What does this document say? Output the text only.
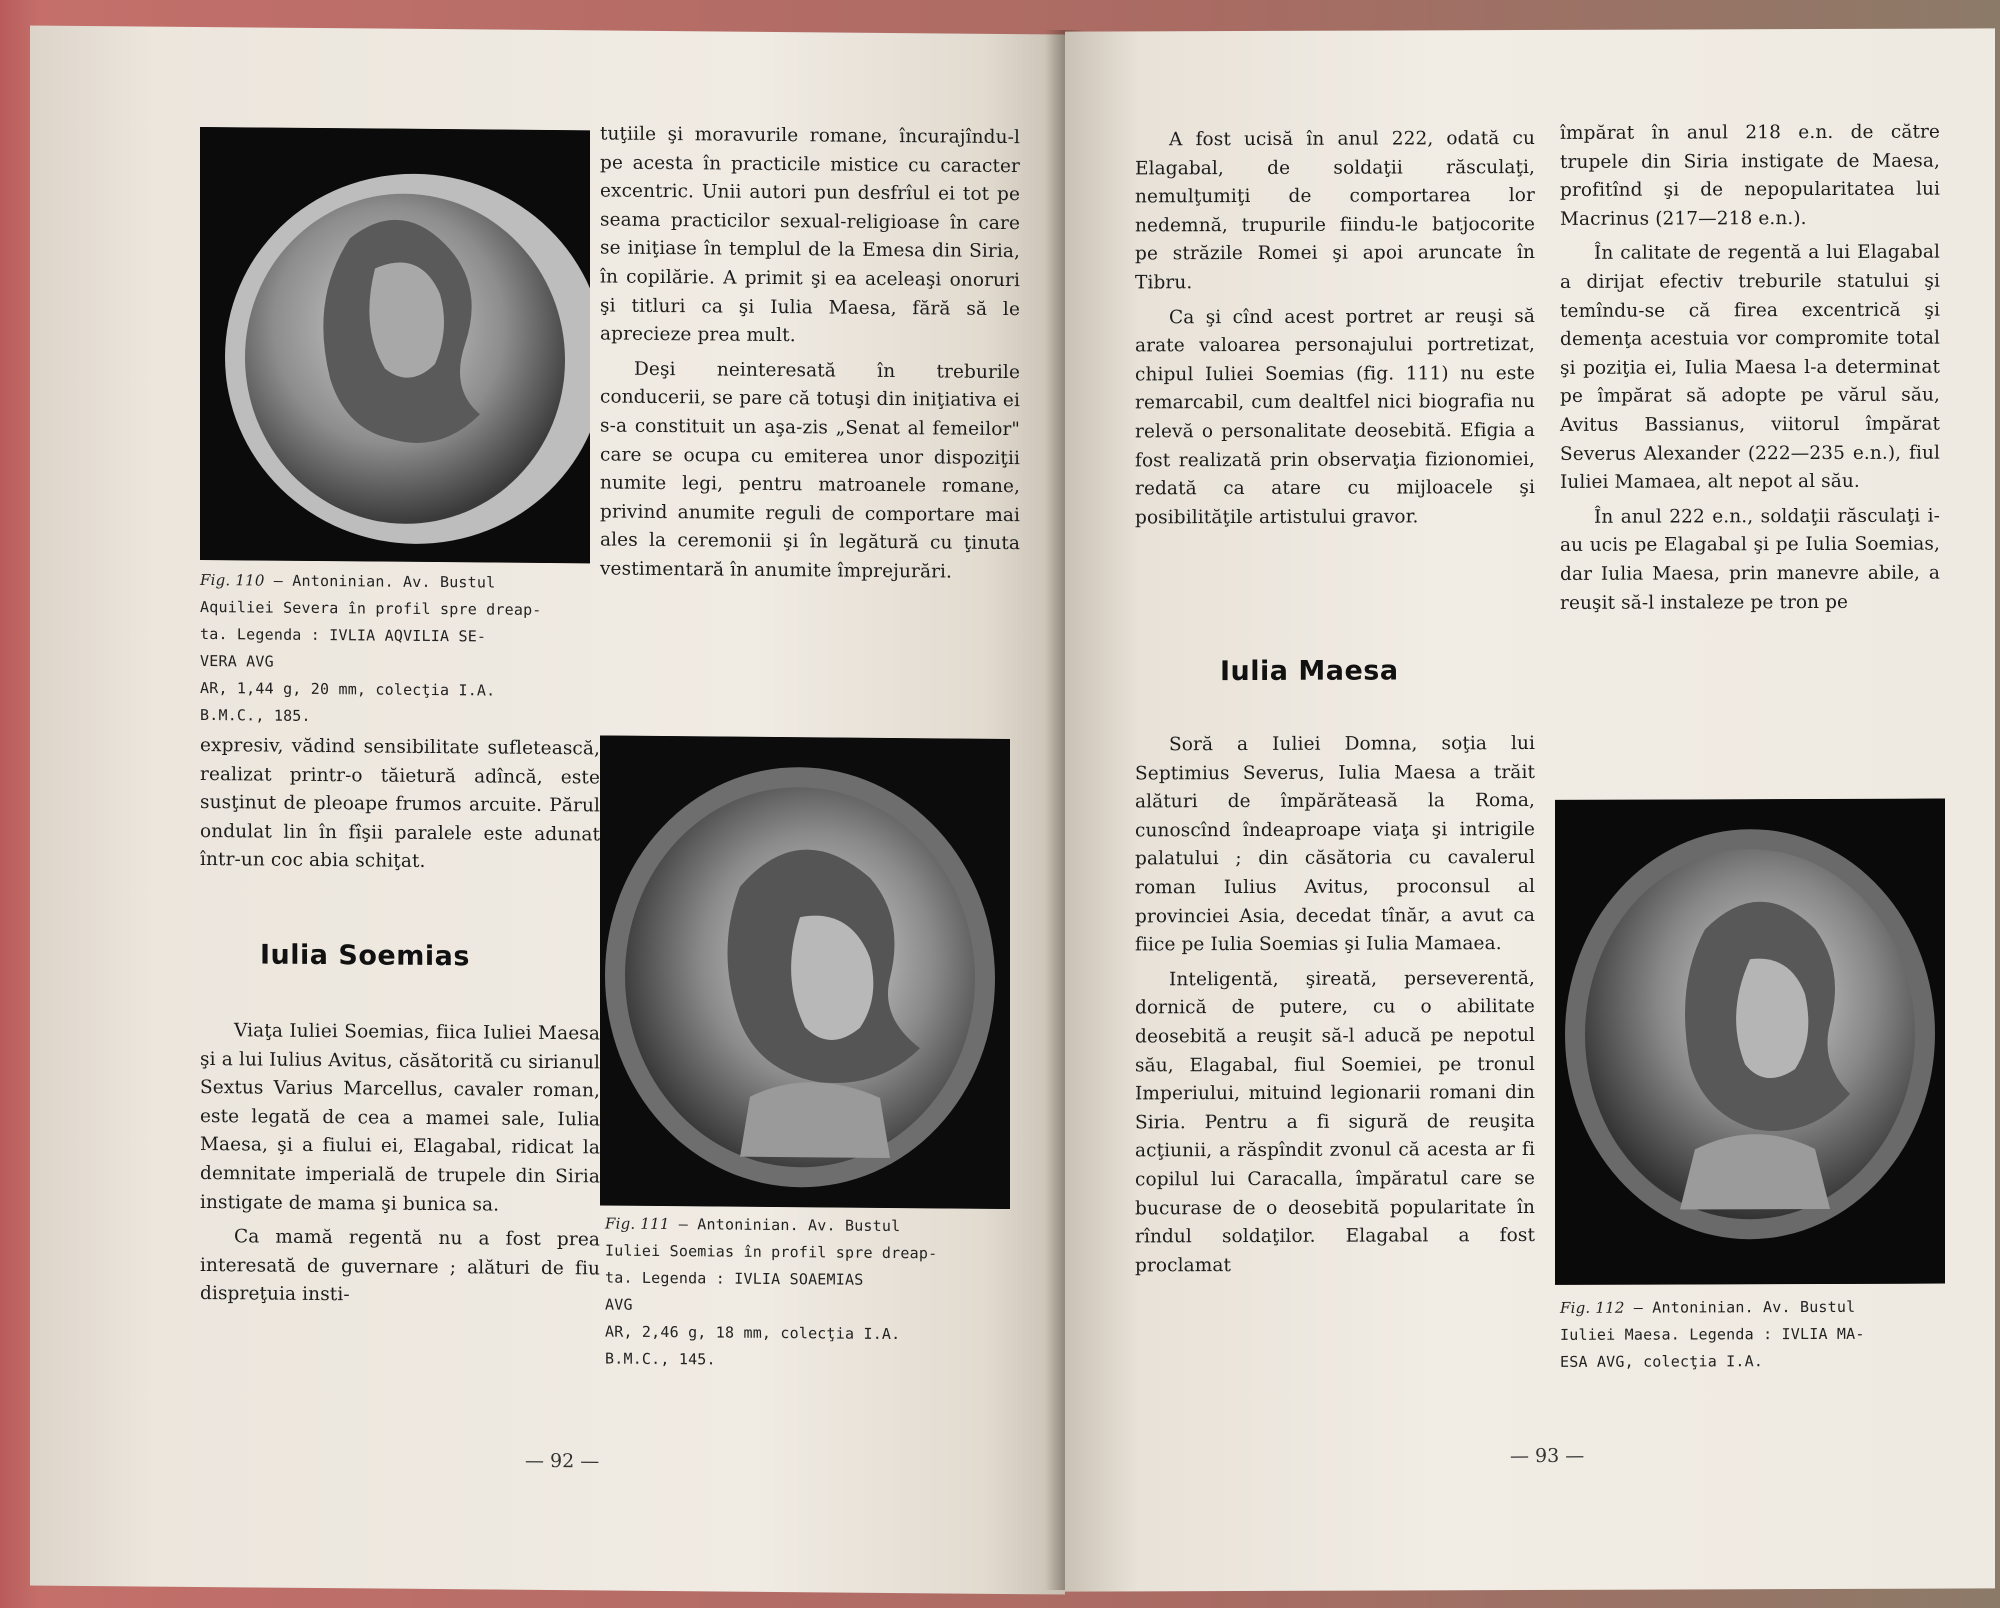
Fig. 110 — Antoninian. Av. Bustul

Aquiliei Severa în profil spre dreap-

ta. Legenda : IVLIA AQVILIA SE-

VERA AVG

AR, 1,44 g, 20 mm, colecţia I.A.

B.M.C., 185.

expresiv, vădind sensibilitate sufletească, realizat printr-o tăietură adîncă, este susţinut de pleoape frumos arcuite. Părul ondulat lin în fîşii paralele este adunat într-un coc abia schiţat.

Iulia Soemias

Viaţa Iuliei Soemias, fiica Iuliei Maesa şi a lui Iulius Avitus, căsătorită cu sirianul Sextus Varius Marcellus, cavaler roman, este legată de cea a mamei sale, Iulia Maesa, şi a fiului ei, Elagabal, ridicat la demnitate imperială de trupele din Siria instigate de mama şi bunica sa.

Ca mamă regentă nu a fost prea interesată de guvernare ; alături de fiu dispreţuia insti-

tuţiile şi moravurile romane, încurajîndu-l pe acesta în practicile mistice cu caracter excentric. Unii autori pun desfrîul ei tot pe seama practicilor sexual-religioase în care se iniţiase în templul de la Emesa din Siria, în copilărie. A primit şi ea aceleaşi onoruri şi titluri ca şi Iulia Maesa, fără să le aprecieze prea mult.

Deşi neinteresată în treburile conducerii, se pare că totuşi din iniţiativa ei s-a constituit un aşa-zis „Senat al femeilor" care se ocupa cu emiterea unor dispoziţii numite legi, pentru matroanele romane, privind anumite reguli de comportare mai ales la ceremonii şi în legătură cu ţinuta vestimentară în anumite împrejurări.

Fig. 111 — Antoninian. Av. Bustul

Iuliei Soemias în profil spre dreap-

ta. Legenda : IVLIA SOAEMIAS

AVG

AR, 2,46 g, 18 mm, colecţia I.A.

B.M.C., 145.

— 92 —

A fost ucisă în anul 222, odată cu Elagabal, de soldaţii răsculaţi, nemulţumiţi de comportarea lor nedemnă, trupurile fiindu-le batjocorite pe străzile Romei şi apoi aruncate în Tibru.

Ca şi cînd acest portret ar reuşi să arate valoarea personajului portretizat, chipul Iuliei Soemias (fig. 111) nu este remarcabil, cum dealtfel nici biografia nu relevă o personalitate deosebită. Efigia a fost realizată prin observaţia fizionomiei, redată ca atare cu mijloacele şi posibilităţile artistului gravor.

Iulia Maesa

Soră a Iuliei Domna, soţia lui Septimius Severus, Iulia Maesa a trăit alături de împărăteasă la Roma, cunoscînd îndeaproape viaţa şi intrigile palatului ; din căsătoria cu cavalerul roman Iulius Avitus, proconsul al provinciei Asia, decedat tînăr, a avut ca fiice pe Iulia Soemias şi Iulia Mamaea.

Inteligentă, şireată, perseverentă, dornică de putere, cu o abilitate deosebită a reuşit să-l aducă pe nepotul său, Elagabal, fiul Soemiei, pe tronul Imperiului, mituind legionarii romani din Siria. Pentru a fi sigură de reuşita acţiunii, a răspîndit zvonul că acesta ar fi copilul lui Caracalla, împăratul care se bucurase de o deosebită popularitate în rîndul soldaţilor. Elagabal a fost proclamat

împărat în anul 218 e.n. de către trupele din Siria instigate de Maesa, profitînd şi de nepopularitatea lui Macrinus (217—218 e.n.).

În calitate de regentă a lui Elagabal a dirijat efectiv treburile statului şi temîndu-se că firea excentrică şi demenţa acestuia vor compromite total şi poziţia ei, Iulia Maesa l-a determinat pe împărat să adopte pe vărul său, Avitus Bassianus, viitorul împărat Severus Alexander (222—235 e.n.), fiul Iuliei Mamaea, alt nepot al său.

În anul 222 e.n., soldaţii răsculaţi i-au ucis pe Elagabal şi pe Iulia Soemias, dar Iulia Maesa, prin manevre abile, a reuşit să-l instaleze pe tron pe

Fig. 112 — Antoninian. Av. Bustul

Iuliei Maesa. Legenda : IVLIA MA-

ESA AVG, colecţia I.A.

— 93 —
